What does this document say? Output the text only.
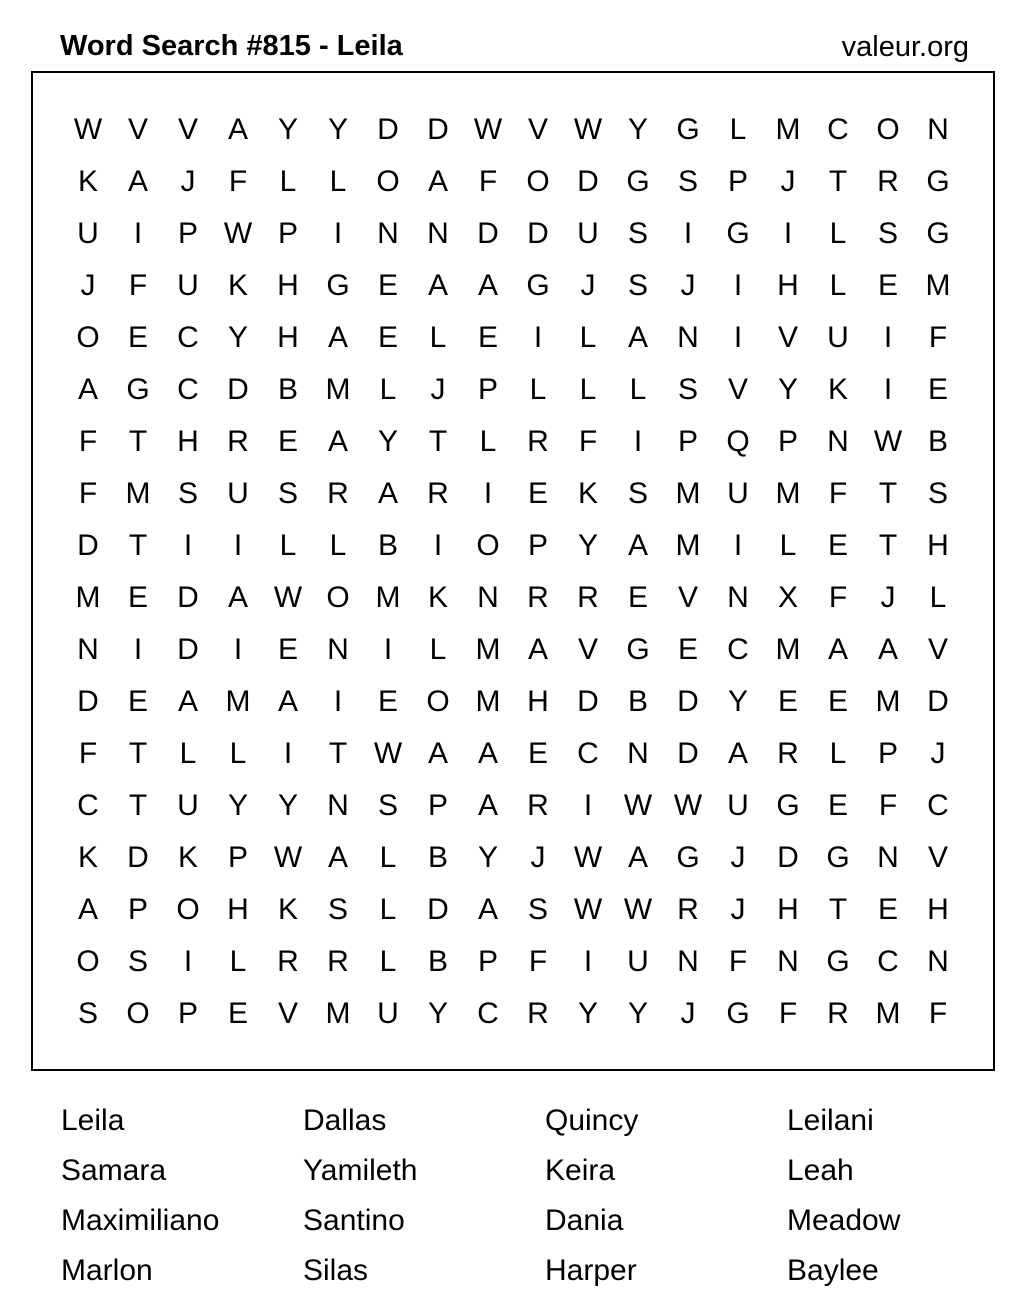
Word Search #815 - Leila	valeur.org
W V V A Y Y D D W V W Y G L M C O N
K A	J	F	L	L O A	F O D G S P	J	T	R G
U	I	P W P	I	N N D D U S	I	G	I	L	S G
J	F	U K H G E A A G	J	S	J	I	H	L	E M
O E C Y H A E	L	E	I	L	A N	I	V U	I	F
A G C D B M L	J	P	L	L	L	S V Y K	I	E
F	T	H R E A Y	T	L	R	F	I	P Q P N W B
F M S U S R A R	I	E K S M U M F	T	S
D	T	I	I	L	L	B	I	O P Y A M	I	L	E	T	H
M E D A W O M K N R R E V N X	F	J	L
N	I	D	I	E N	I	L M A V G E C M A A V
D E A M A	I	E O M H D B D Y E E M D
F	T	L	L	I	T W A A E C N D A R	L	P	J
C	T	U Y Y N S P A R	I	W W U G E	F	C
K D K P W A	L	B Y	J W A G	J	D G N V
A P O H K S	L	D A S W W R	J	H	T	E H
O S	I	L	R R	L	B P	F	I	U N	F	N G C N
S O P E V M U Y C R Y Y	J	G F	R M F
Leila	Dallas	Quincy	Leilani
Samara	Yamileth	Keira	Leah
Maximiliano	Santino	Dania	Meadow
Marlon	Silas	Harper	Baylee
